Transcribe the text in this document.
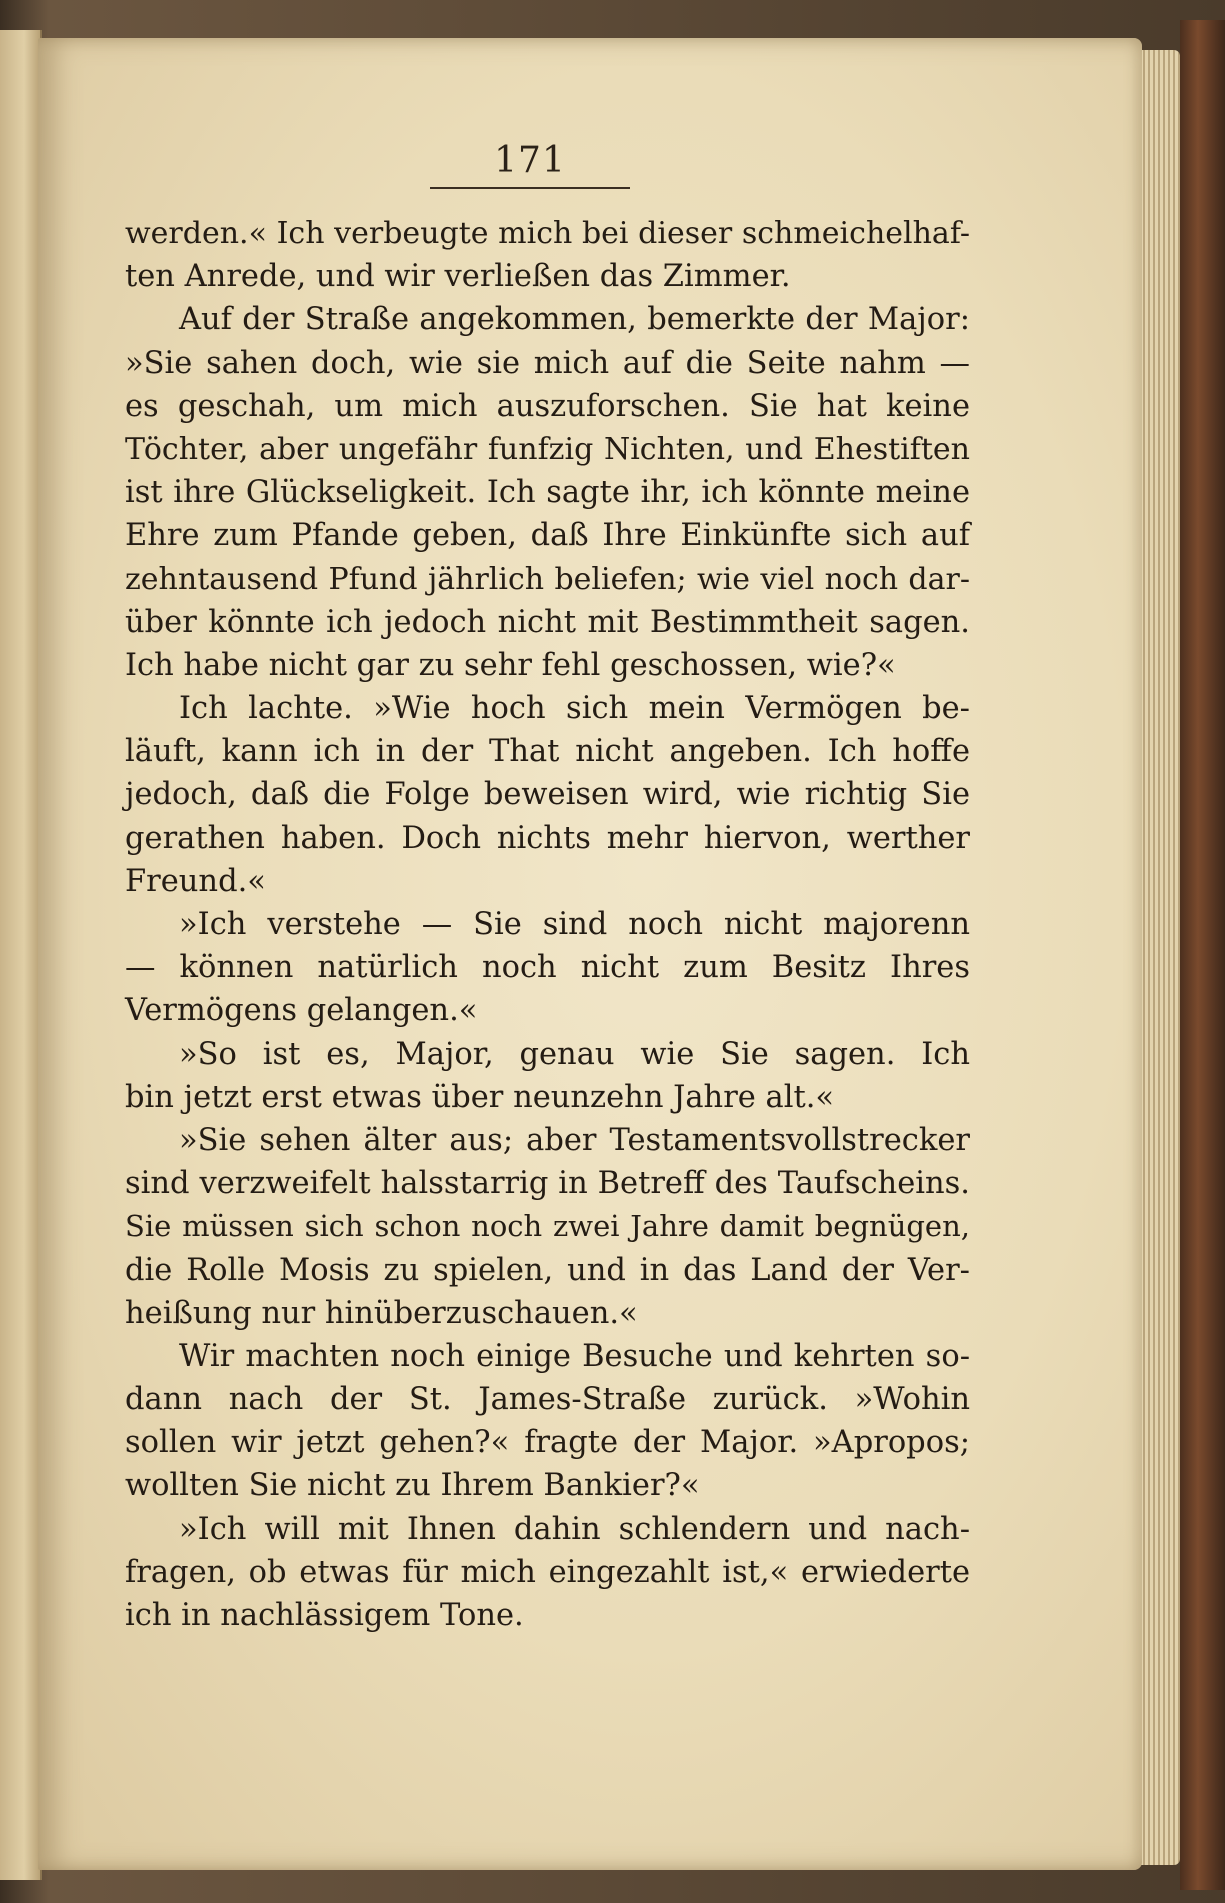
171
werden.« Ich verbeugte mich bei dieser schmeichelhaf-
ten Anrede, und wir verließen das Zimmer.
Auf der Straße angekommen, bemerkte der Major:
»Sie sahen doch, wie sie mich auf die Seite nahm —
es geschah, um mich auszuforschen. Sie hat keine
Töchter, aber ungefähr funfzig Nichten, und Ehestiften
ist ihre Glückseligkeit. Ich sagte ihr, ich könnte meine
Ehre zum Pfande geben, daß Ihre Einkünfte sich auf
zehntausend Pfund jährlich beliefen; wie viel noch dar-
über könnte ich jedoch nicht mit Bestimmtheit sagen.
Ich habe nicht gar zu sehr fehl geschossen, wie?«
Ich lachte. »Wie hoch sich mein Vermögen be-
läuft, kann ich in der That nicht angeben. Ich hoffe
jedoch, daß die Folge beweisen wird, wie richtig Sie
gerathen haben. Doch nichts mehr hiervon, werther
Freund.«
»Ich verstehe — Sie sind noch nicht majorenn
— können natürlich noch nicht zum Besitz Ihres
Vermögens gelangen.«
»So ist es, Major, genau wie Sie sagen. Ich
bin jetzt erst etwas über neunzehn Jahre alt.«
»Sie sehen älter aus; aber Testamentsvollstrecker
sind verzweifelt halsstarrig in Betreff des Taufscheins.
Sie müssen sich schon noch zwei Jahre damit begnügen,
die Rolle Mosis zu spielen, und in das Land der Ver-
heißung nur hinüberzuschauen.«
Wir machten noch einige Besuche und kehrten so-
dann nach der St. James-Straße zurück. »Wohin
sollen wir jetzt gehen?« fragte der Major. »Apropos;
wollten Sie nicht zu Ihrem Bankier?«
»Ich will mit Ihnen dahin schlendern und nach-
fragen, ob etwas für mich eingezahlt ist,« erwiederte
ich in nachlässigem Tone.
